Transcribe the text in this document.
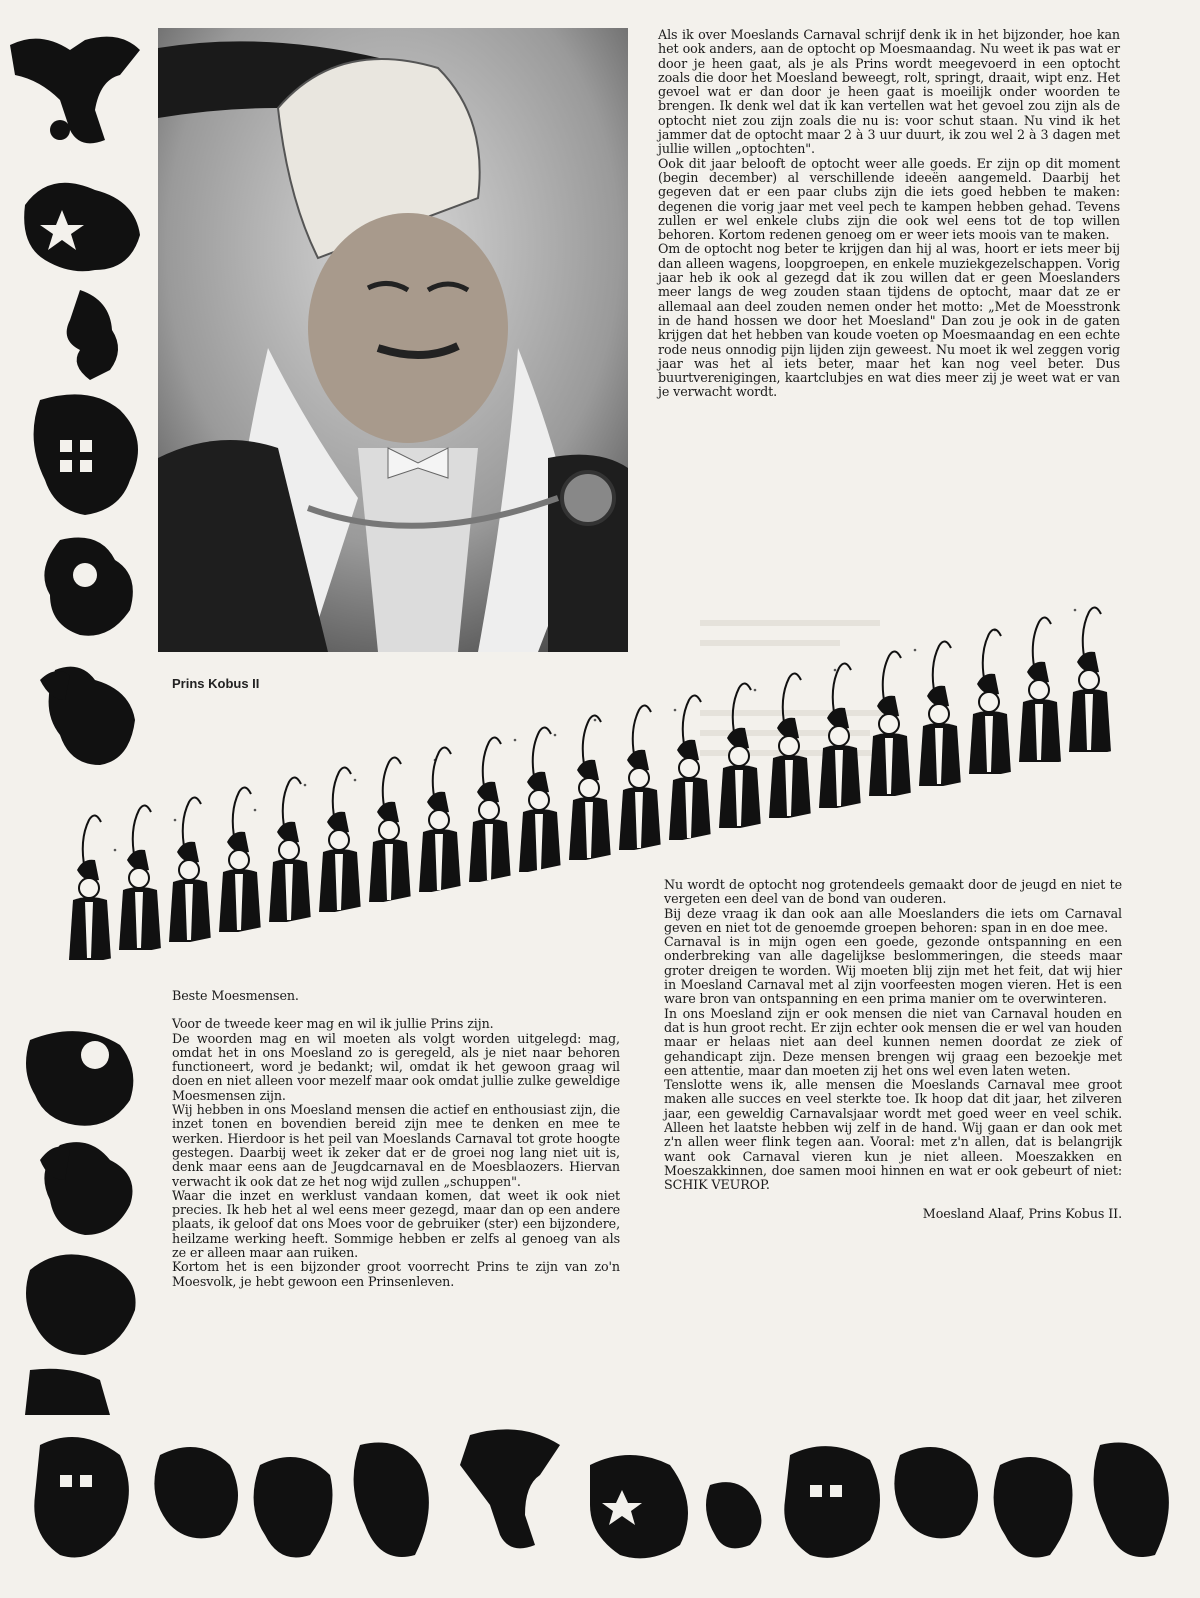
Prins Kobus II

Als ik over Moeslands Carnaval schrijf denk ik in het bijzonder, hoe kan het ook anders, aan de optocht op Moesmaandag. Nu weet ik pas wat er door je heen gaat, als je als Prins wordt meegevoerd in een optocht zoals die door het Moesland beweegt, rolt, springt, draait, wipt enz. Het gevoel wat er dan door je heen gaat is moeilijk onder woorden te brengen. Ik denk wel dat ik kan vertellen wat het gevoel zou zijn als de optocht niet zou zijn zoals die nu is: voor schut staan. Nu vind ik het jammer dat de optocht maar 2 à 3 uur duurt, ik zou wel 2 à 3 dagen met jullie willen „optochten".

Ook dit jaar belooft de optocht weer alle goeds. Er zijn op dit moment (begin december) al verschillende ideeën aangemeld. Daarbij het gegeven dat er een paar clubs zijn die iets goed hebben te maken: degenen die vorig jaar met veel pech te kampen hebben gehad. Tevens zullen er wel enkele clubs zijn die ook wel eens tot de top willen behoren. Kortom redenen genoeg om er weer iets moois van te maken.

Om de optocht nog beter te krijgen dan hij al was, hoort er iets meer bij dan alleen wagens, loopgroepen, en enkele muziekgezelschappen. Vorig jaar heb ik ook al gezegd dat ik zou willen dat er geen Moeslanders meer langs de weg zouden staan tijdens de optocht, maar dat ze er allemaal aan deel zouden nemen onder het motto: „Met de Moesstronk in de hand hossen we door het Moesland" Dan zou je ook in de gaten krijgen dat het hebben van koude voeten op Moesmaandag en een echte rode neus onnodig pijn lijden zijn geweest. Nu moet ik wel zeggen vorig jaar was het al iets beter, maar het kan nog veel beter. Dus buurtverenigingen, kaartclubjes en wat dies meer zij je weet wat er van je verwacht wordt.

Beste Moesmensen.

Voor de tweede keer mag en wil ik jullie Prins zijn.

De woorden mag en wil moeten als volgt worden uitgelegd: mag, omdat het in ons Moesland zo is geregeld, als je niet naar behoren functioneert, word je bedankt; wil, omdat ik het gewoon graag wil doen en niet alleen voor mezelf maar ook omdat jullie zulke geweldige Moesmensen zijn.

Wij hebben in ons Moesland mensen die actief en enthousiast zijn, die inzet tonen en bovendien bereid zijn mee te denken en mee te werken. Hierdoor is het peil van Moeslands Carnaval tot grote hoogte gestegen. Daarbij weet ik zeker dat er de groei nog lang niet uit is, denk maar eens aan de Jeugdcarnaval en de Moesblaozers. Hiervan verwacht ik ook dat ze het nog wijd zullen „schuppen".

Waar die inzet en werklust vandaan komen, dat weet ik ook niet precies. Ik heb het al wel eens meer gezegd, maar dan op een andere plaats, ik geloof dat ons Moes voor de gebruiker (ster) een bijzondere, heilzame werking heeft. Sommige hebben er zelfs al genoeg van als ze er alleen maar aan ruiken.

Kortom het is een bijzonder groot voorrecht Prins te zijn van zo'n Moesvolk, je hebt gewoon een Prinsenleven.

Nu wordt de optocht nog grotendeels gemaakt door de jeugd en niet te vergeten een deel van de bond van ouderen.

Bij deze vraag ik dan ook aan alle Moeslanders die iets om Carnaval geven en niet tot de genoemde groepen behoren: span in en doe mee.

Carnaval is in mijn ogen een goede, gezonde ontspanning en een onderbreking van alle dagelijkse beslommeringen, die steeds maar groter dreigen te worden. Wij moeten blij zijn met het feit, dat wij hier in Moesland Carnaval met al zijn voorfeesten mogen vieren. Het is een ware bron van ontspanning en een prima manier om te overwinteren.

In ons Moesland zijn er ook mensen die niet van Carnaval houden en dat is hun groot recht. Er zijn echter ook mensen die er wel van houden maar er helaas niet aan deel kunnen nemen doordat ze ziek of gehandicapt zijn. Deze mensen brengen wij graag een bezoekje met een attentie, maar dan moeten zij het ons wel even laten weten.

Tenslotte wens ik, alle mensen die Moeslands Carnaval mee groot maken alle succes en veel sterkte toe. Ik hoop dat dit jaar, het zilveren jaar, een geweldig Carnavalsjaar wordt met goed weer en veel schik. Alleen het laatste hebben wij zelf in de hand. Wij gaan er dan ook met z'n allen weer flink tegen aan. Vooral: met z'n allen, dat is belangrijk want ook Carnaval vieren kun je niet alleen. Moeszakken en Moeszakkinnen, doe samen mooi hinnen en wat er ook gebeurt of niet: SCHIK VEUROP.

Moesland Alaaf, Prins Kobus II.
